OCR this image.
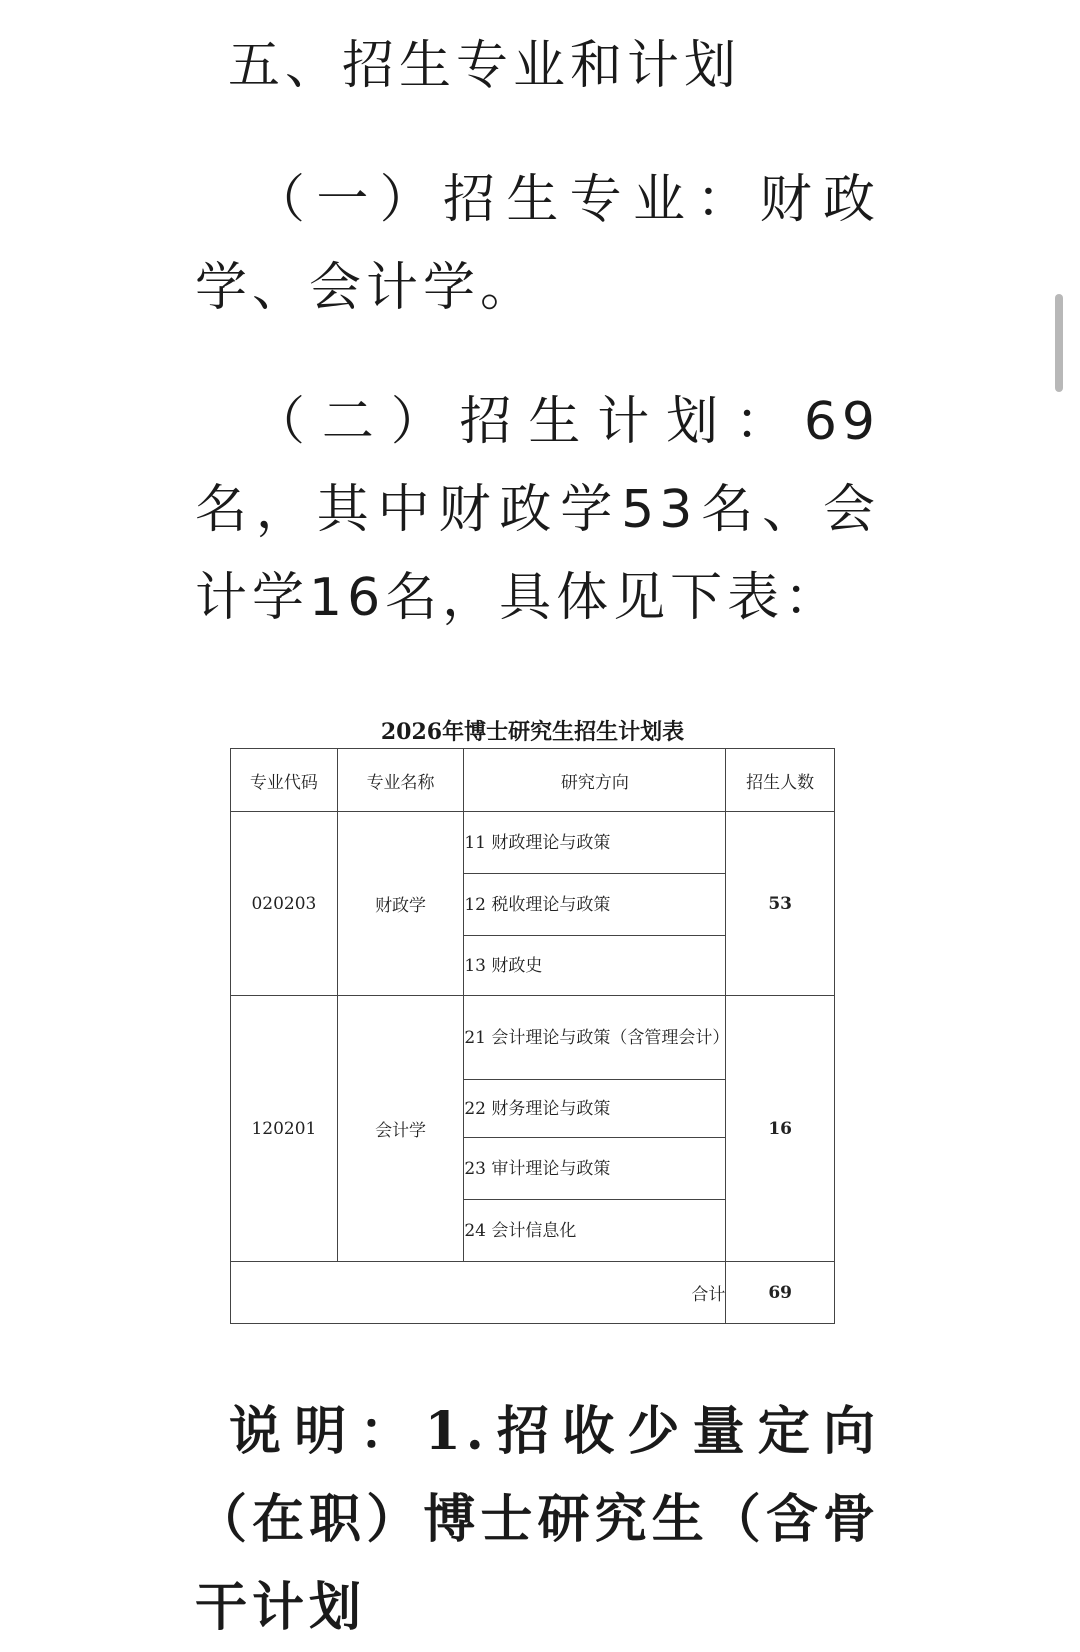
五、招生专业和计划

（一）招生专业：财政学、会计学。

（二）招生计划：69名，其中财政学53名、会计学16名，具体见下表：

2026年博士研究生招生计划表
专业代码	专业名称	研究方向	招生人数
020203	财政学	11 财政理论与政策	53
		12 税收理论与政策	
		13 财政史	
120201	会计学	21 会计理论与政策（含管理会计）	16
		22 财务理论与政策	
		23 审计理论与政策	
		24 会计信息化	
合计			69

说明：1.招收少量定向（在职）博士研究生（含骨干计划
